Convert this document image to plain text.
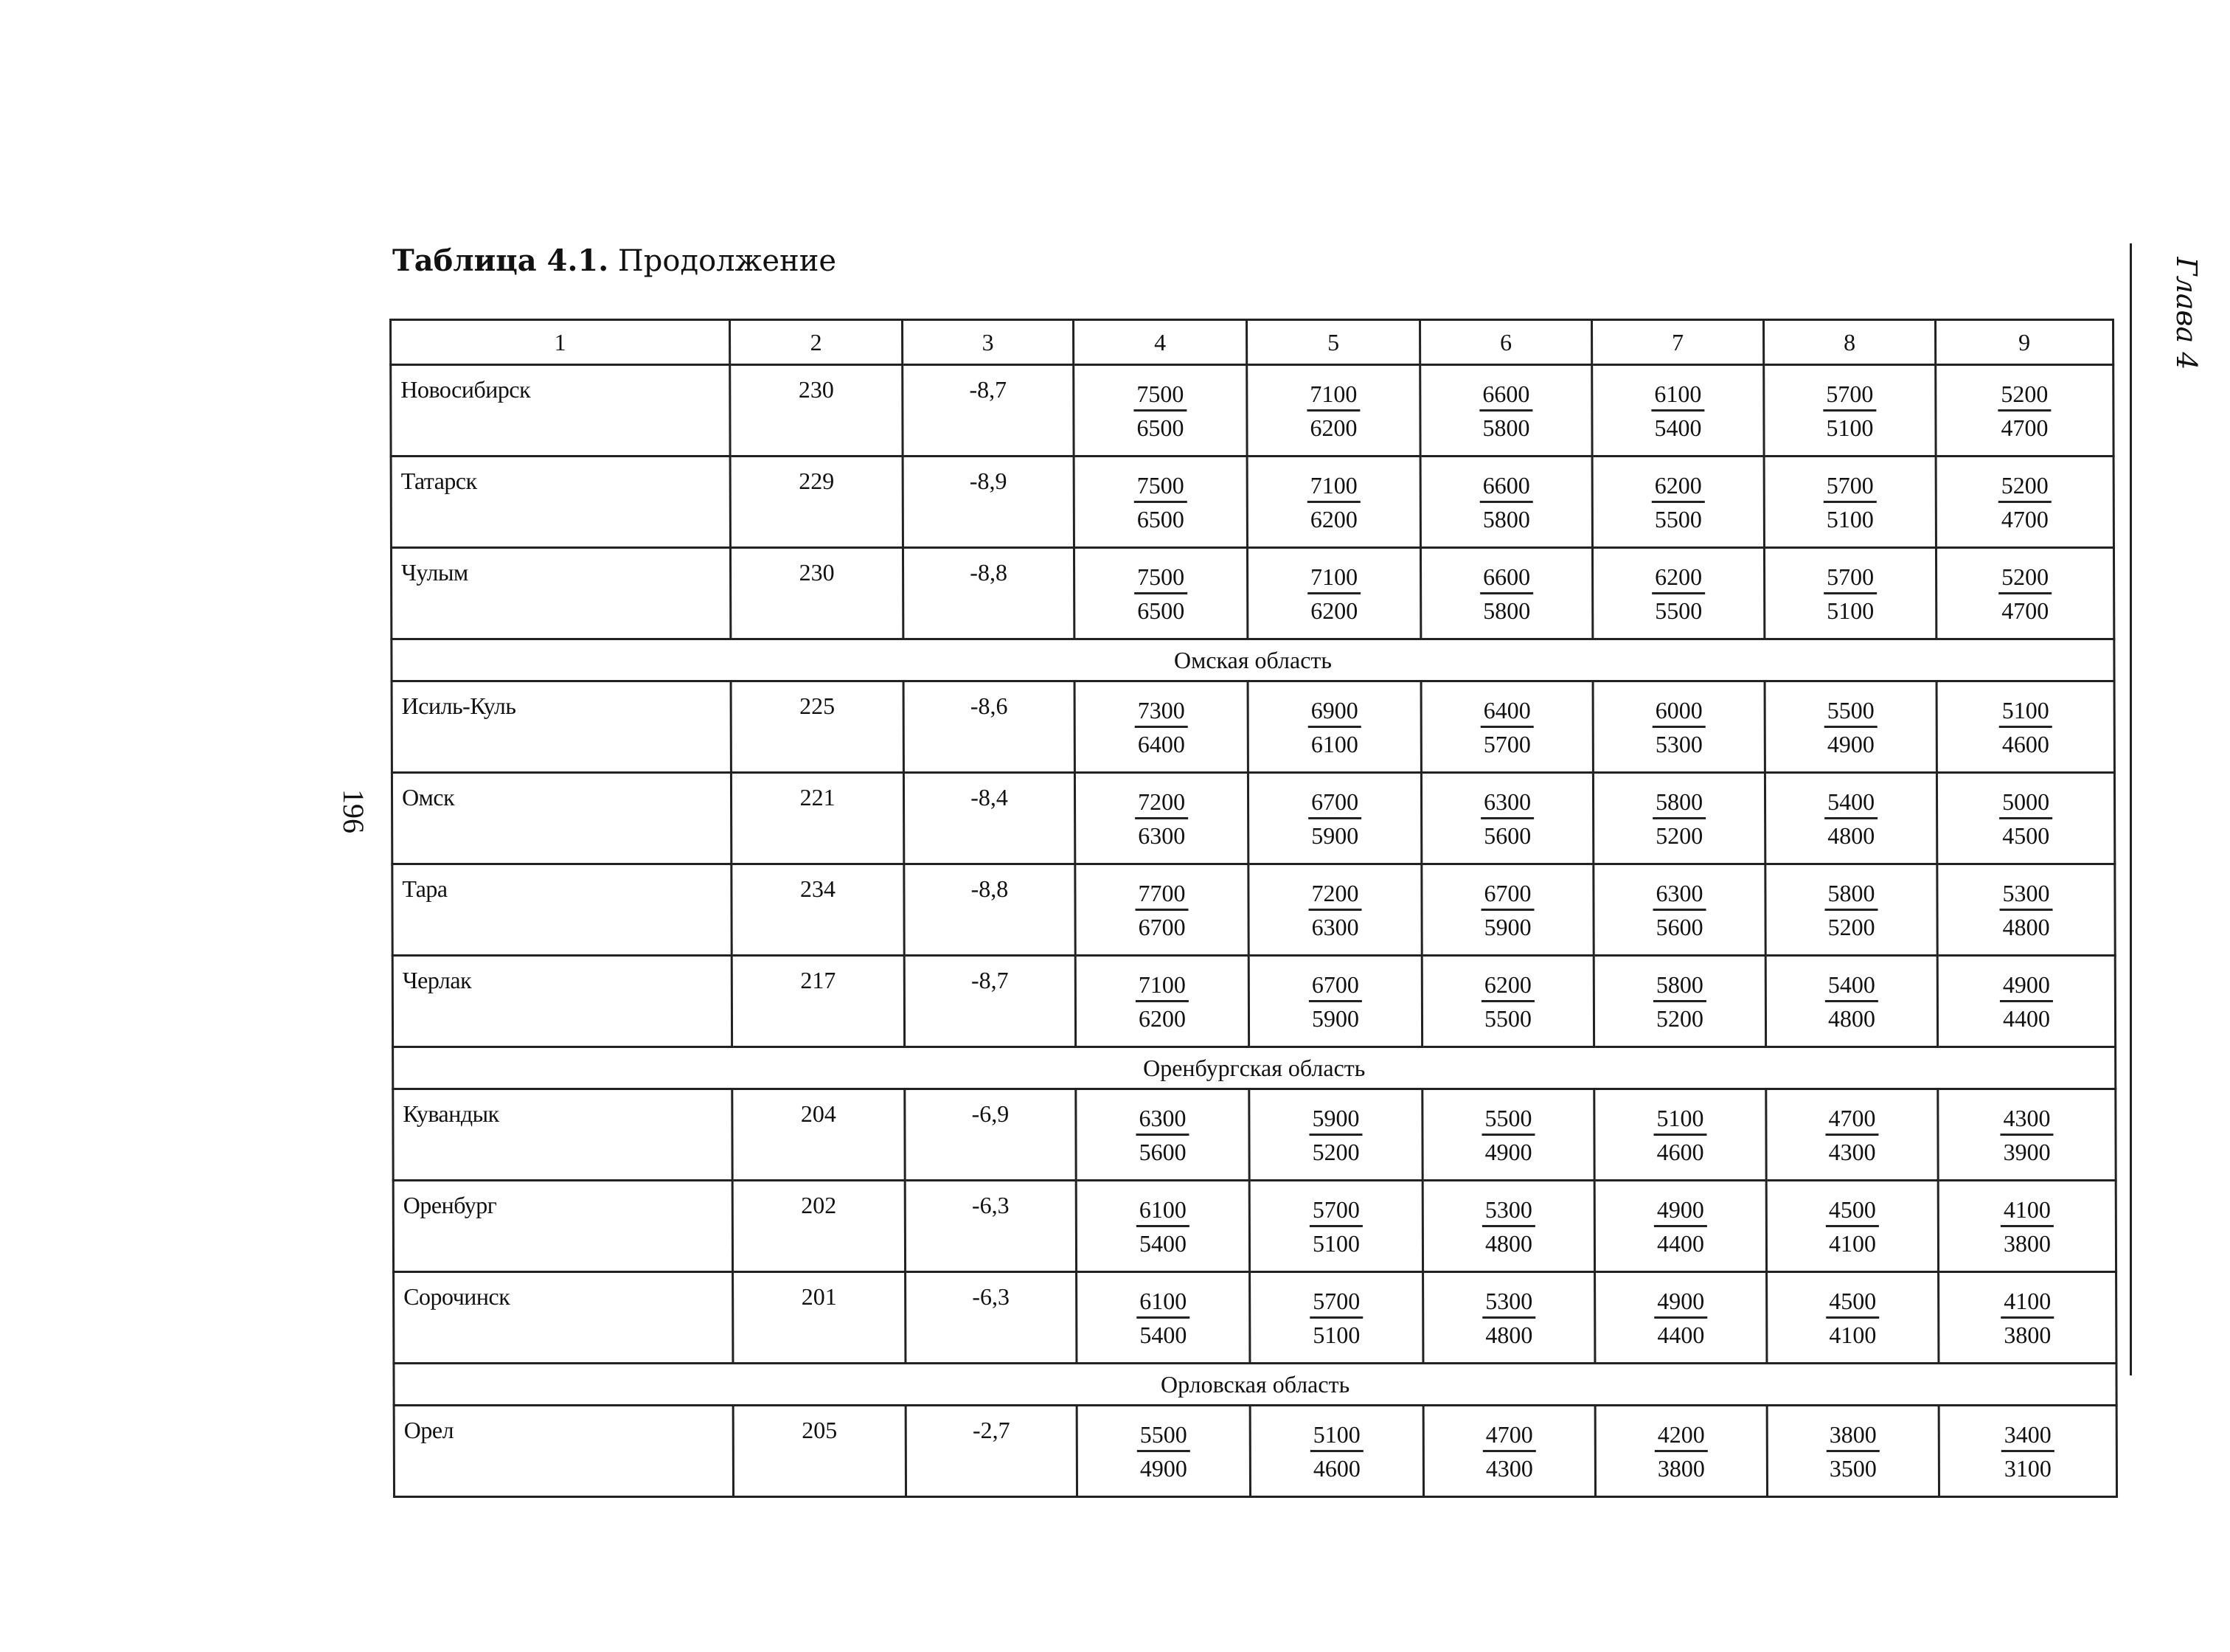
Таблица 4.1. Продолжение
196
Глава 4
1	2	3	4	5	6	7	8	9
Новосибирск	230	-8,7	$\frac{7500}{6500}$	$\frac{7100}{6200}$	$\frac{6600}{5800}$	$\frac{6100}{5400}$	$\frac{5700}{5100}$	$\frac{5200}{4700}$

Татарск	229	-8,9	$\frac{7500}{6500}$	$\frac{7100}{6200}$	$\frac{6600}{5800}$	$\frac{6200}{5500}$	$\frac{5700}{5100}$	$\frac{5200}{4700}$

Чулым	230	-8,8	$\frac{7500}{6500}$	$\frac{7100}{6200}$	$\frac{6600}{5800}$	$\frac{6200}{5500}$	$\frac{5700}{5100}$	$\frac{5200}{4700}$

Омская область								
Исиль-Куль	225	-8,6	$\frac{7300}{6400}$	$\frac{6900}{6100}$	$\frac{6400}{5700}$	$\frac{6000}{5300}$	$\frac{5500}{4900}$	$\frac{5100}{4600}$

Омск	221	-8,4	$\frac{7200}{6300}$	$\frac{6700}{5900}$	$\frac{6300}{5600}$	$\frac{5800}{5200}$	$\frac{5400}{4800}$	$\frac{5000}{4500}$

Тара	234	-8,8	$\frac{7700}{6700}$	$\frac{7200}{6300}$	$\frac{6700}{5900}$	$\frac{6300}{5600}$	$\frac{5800}{5200}$	$\frac{5300}{4800}$

Черлак	217	-8,7	$\frac{7100}{6200}$	$\frac{6700}{5900}$	$\frac{6200}{5500}$	$\frac{5800}{5200}$	$\frac{5400}{4800}$	$\frac{4900}{4400}$

Оренбургская область								
Кувандык	204	-6,9	$\frac{6300}{5600}$	$\frac{5900}{5200}$	$\frac{5500}{4900}$	$\frac{5100}{4600}$	$\frac{4700}{4300}$	$\frac{4300}{3900}$

Оренбург	202	-6,3	$\frac{6100}{5400}$	$\frac{5700}{5100}$	$\frac{5300}{4800}$	$\frac{4900}{4400}$	$\frac{4500}{4100}$	$\frac{4100}{3800}$

Сорочинск	201	-6,3	$\frac{6100}{5400}$	$\frac{5700}{5100}$	$\frac{5300}{4800}$	$\frac{4900}{4400}$	$\frac{4500}{4100}$	$\frac{4100}{3800}$

Орловская область								
Орел	205	-2,7	$\frac{5500}{4900}$	$\frac{5100}{4600}$	$\frac{4700}{4300}$	$\frac{4200}{3800}$	$\frac{3800}{3500}$	$\frac{3400}{3100}$
